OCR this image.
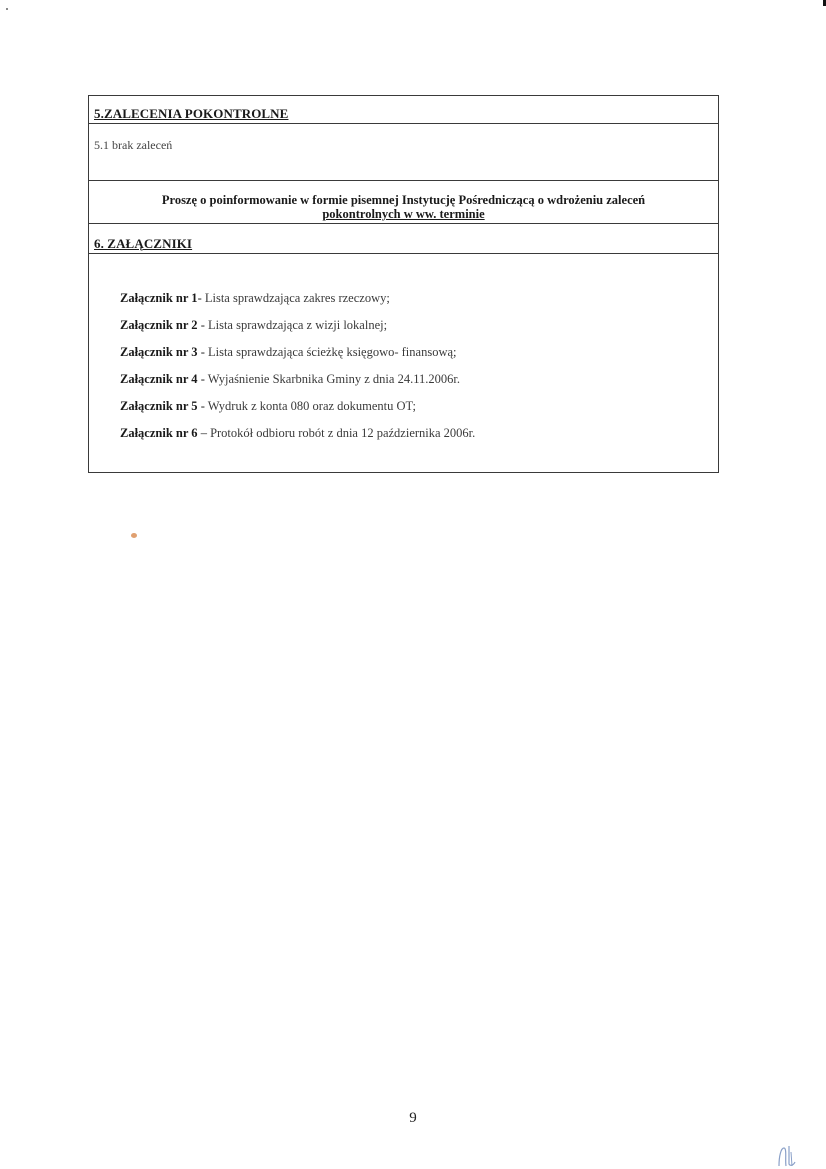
5.ZALECENIA POKONTROLNE
5.1 brak zaleceń
Proszę o poinformowanie w formie pisemnej Instytucję Pośredniczącą o wdrożeniu zaleceń
pokontrolnych w ww. terminie
6. ZAŁĄCZNIKI
Załącznik nr 1- Lista sprawdzająca zakres rzeczowy;
Załącznik nr 2 - Lista sprawdzająca z wizji lokalnej;
Załącznik nr 3 - Lista sprawdzająca ścieżkę księgowo- finansową;
Załącznik nr 4 - Wyjaśnienie Skarbnika Gminy z dnia 24.11.2006r.
Załącznik nr 5 - Wydruk z konta 080 oraz dokumentu OT;
Załącznik nr 6 – Protokół odbioru robót z dnia 12 października 2006r.
9
